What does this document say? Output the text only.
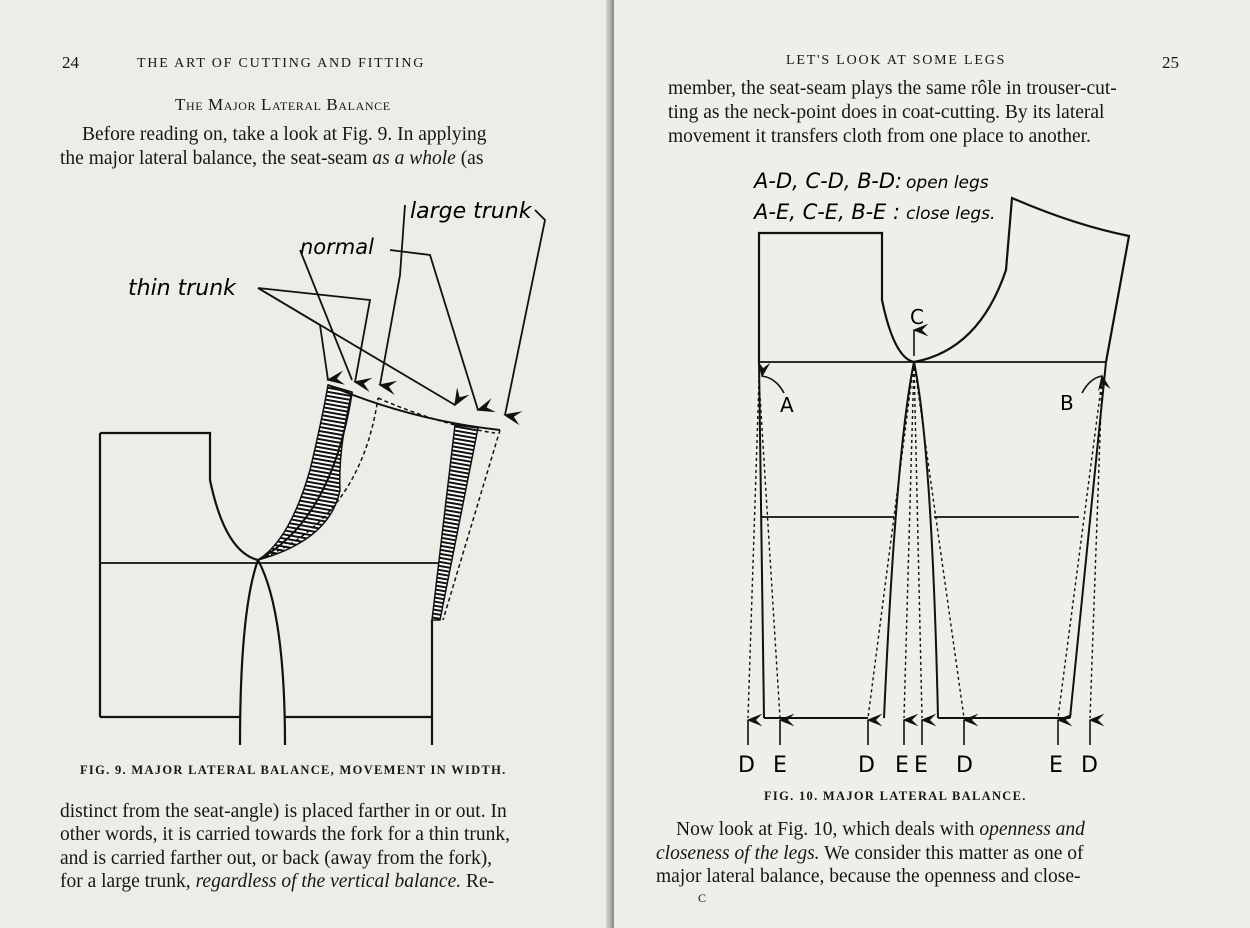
24	THE ART OF CUTTING AND FITTING
The Major Lateral Balance
Before reading on, take a look at Fig. 9. In applying
the major lateral balance, the seat-seam as a whole (as
thin trunk
normal
large trunk
FIG. 9. MAJOR LATERAL BALANCE, MOVEMENT IN WIDTH.
distinct from the seat-angle) is placed farther in or out. In
other words, it is carried towards the fork for a thin trunk,
and is carried farther out, or back (away from the fork),
for a large trunk, regardless of the vertical balance. Re-
LET'S LOOK AT SOME LEGS	25
member, the seat-seam plays the same rôle in trouser-cut-
ting as the neck-point does in coat-cutting. By its lateral
movement it transfers cloth from one place to another.
A-D, C-D, B-D: open legs
A-E, C-E, B-E : close legs.
C
A	B
D E	D E E D	E D
FIG. 10. MAJOR LATERAL BALANCE.
Now look at Fig. 10, which deals with openness and
closeness of the legs. We consider this matter as one of
major lateral balance, because the openness and close-
C
